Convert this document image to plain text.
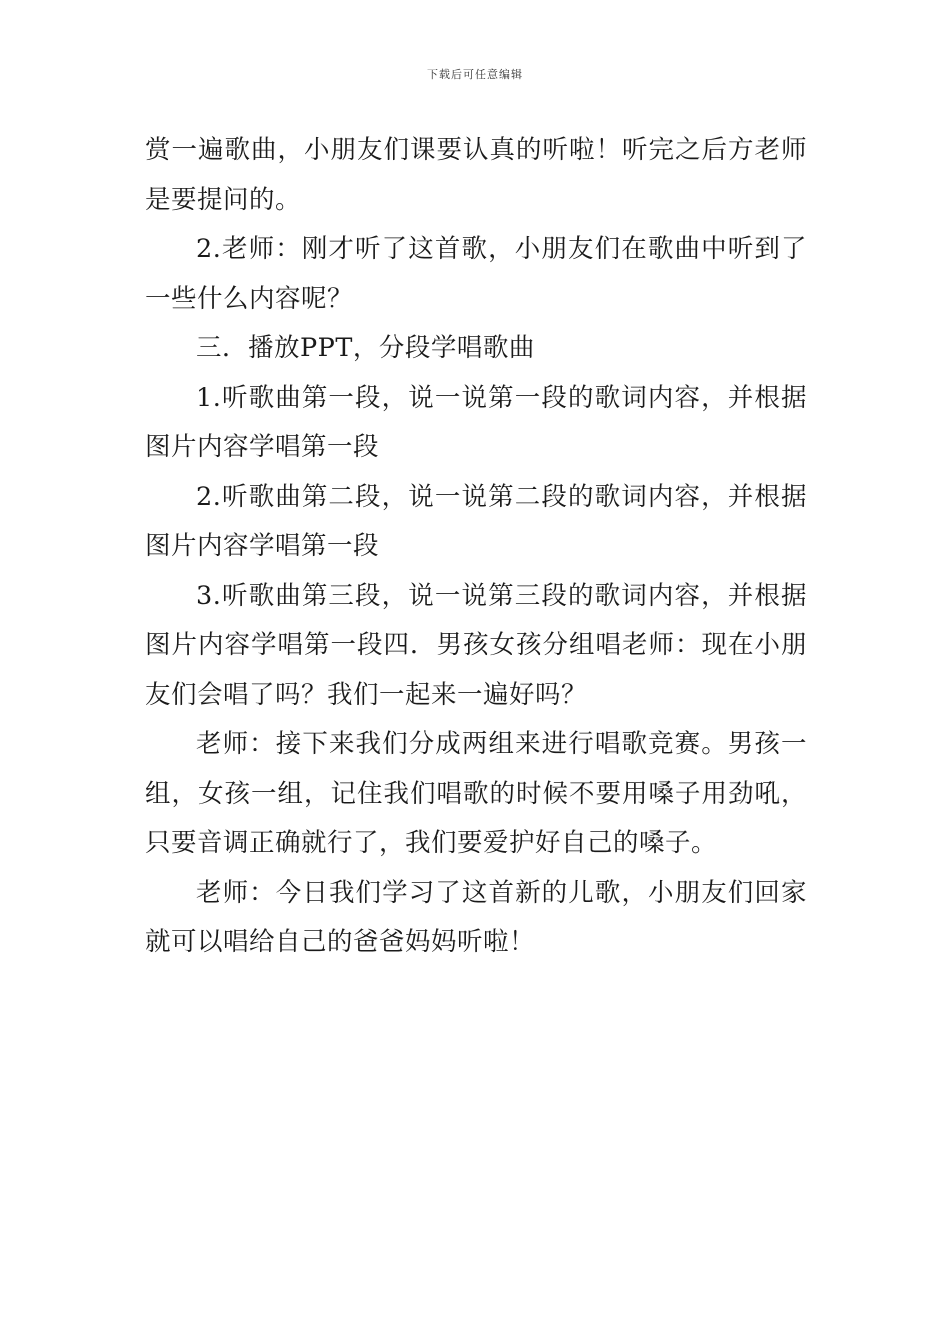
下载后可任意编辑

赏一遍歌曲，小朋友们课要认真的听啦！听完之后方老师是要提问的。

2.老师：刚才听了这首歌，小朋友们在歌曲中听到了一些什么内容呢？

三．播放PPT，分段学唱歌曲

1.听歌曲第一段，说一说第一段的歌词内容，并根据图片内容学唱第一段

2.听歌曲第二段，说一说第二段的歌词内容，并根据图片内容学唱第一段

3.听歌曲第三段，说一说第三段的歌词内容，并根据图片内容学唱第一段四．男孩女孩分组唱老师：现在小朋友们会唱了吗？我们一起来一遍好吗？

老师：接下来我们分成两组来进行唱歌竞赛。男孩一组，女孩一组，记住我们唱歌的时候不要用嗓子用劲吼，只要音调正确就行了，我们要爱护好自己的嗓子。

老师：今日我们学习了这首新的儿歌，小朋友们回家就可以唱给自己的爸爸妈妈听啦！
